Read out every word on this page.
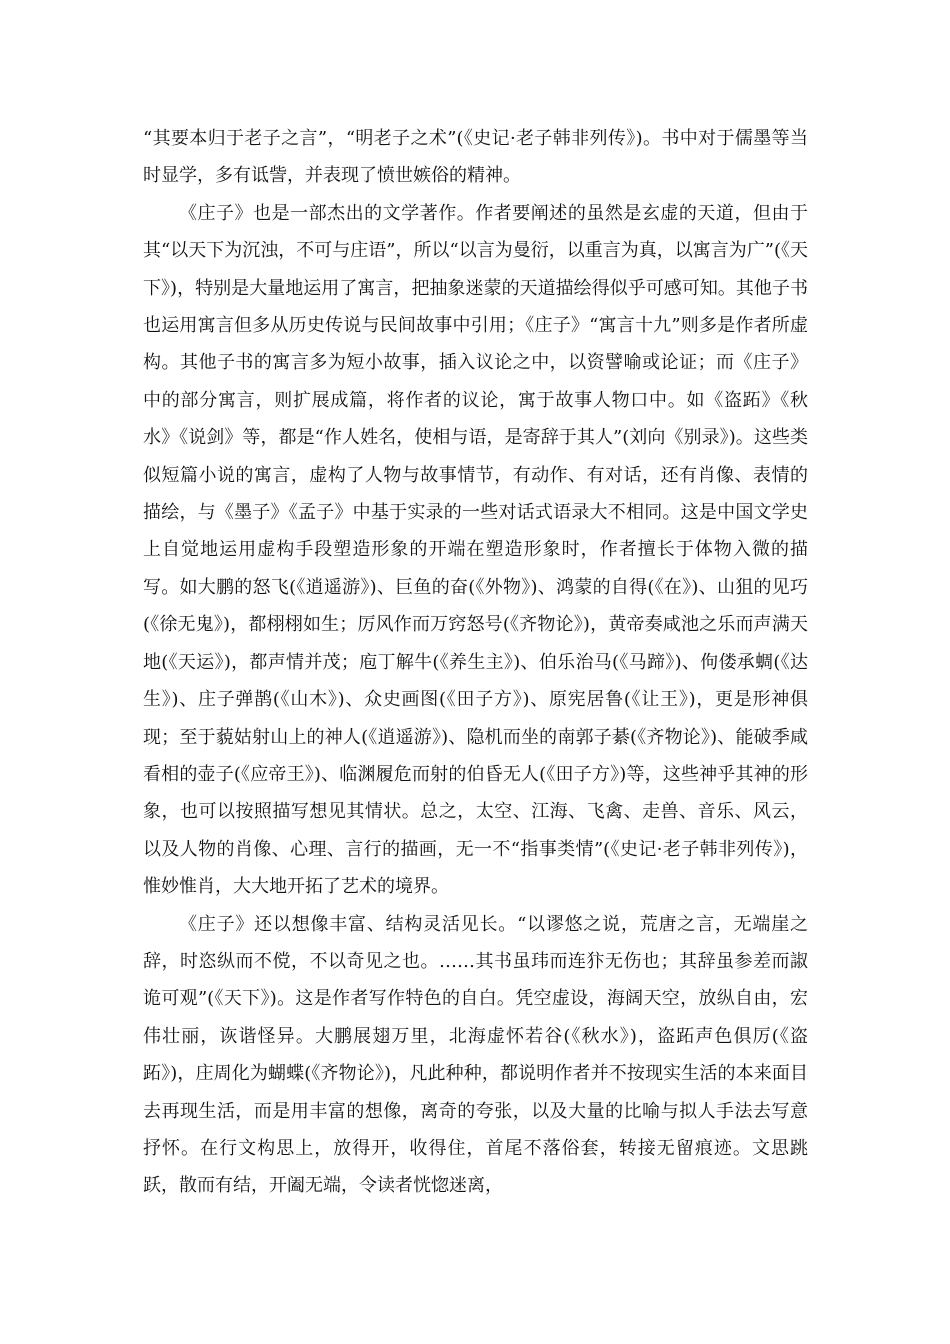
“其要本归于老子之言”，“明老子之术”(《史记·老子韩非列传》)。书中对于儒墨等当时显学，多有诋訾，并表现了愤世嫉俗的精神。

《庄子》也是一部杰出的文学著作。作者要阐述的虽然是玄虚的天道，但由于其“以天下为沉浊，不可与庄语”，所以“以言为曼衍，以重言为真，以寓言为广”(《天下》)，特别是大量地运用了寓言，把抽象迷蒙的天道描绘得似乎可感可知。其他子书也运用寓言但多从历史传说与民间故事中引用；《庄子》“寓言十九”则多是作者所虚构。其他子书的寓言多为短小故事，插入议论之中，以资譬喻或论证；而《庄子》中的部分寓言，则扩展成篇，将作者的议论，寓于故事人物口中。如《盗跖》《秋水》《说剑》等，都是“作人姓名，使相与语，是寄辞于其人”(刘向《别录》)。这些类似短篇小说的寓言，虚构了人物与故事情节，有动作、有对话，还有肖像、表情的描绘，与《墨子》《孟子》中基于实录的一些对话式语录大不相同。这是中国文学史上自觉地运用虚构手段塑造形象的开端在塑造形象时，作者擅长于体物入微的描写。如大鹏的怒飞(《逍遥游》)、巨鱼的奋(《外物》)、鸿蒙的自得(《在》)、山狙的见巧(《徐无鬼》)，都栩栩如生；厉风作而万窍怒号(《齐物论》)，黄帝奏咸池之乐而声满天地(《天运》)，都声情并茂；庖丁解牛(《养生主》)、伯乐治马(《马蹄》)、佝偻承蜩(《达生》)、庄子弹鹊(《山木》)、众史画图(《田子方》)、原宪居鲁(《让王》)，更是形神俱现；至于藐姑射山上的神人(《逍遥游》)、隐机而坐的南郭子綦(《齐物论》)、能破季咸看相的壶子(《应帝王》)、临渊履危而射的伯昏无人(《田子方》)等，这些神乎其神的形象，也可以按照描写想见其情状。总之，太空、江海、飞禽、走兽、音乐、风云，以及人物的肖像、心理、言行的描画，无一不“指事类情”(《史记·老子韩非列传》)，惟妙惟肖，大大地开拓了艺术的境界。

《庄子》还以想像丰富、结构灵活见长。“以谬悠之说，荒唐之言，无端崖之辞，时恣纵而不傥，不以奇见之也。……其书虽玮而连犿无伤也；其辞虽参差而諔诡可观”(《天下》)。这是作者写作特色的自白。凭空虚设，海阔天空，放纵自由，宏伟壮丽，诙谐怪异。大鹏展翅万里，北海虚怀若谷(《秋水》)，盗跖声色俱厉(《盗跖》)，庄周化为蝴蝶(《齐物论》)，凡此种种，都说明作者并不按现实生活的本来面目去再现生活，而是用丰富的想像，离奇的夸张，以及大量的比喻与拟人手法去写意抒怀。在行文构思上，放得开，收得住，首尾不落俗套，转接无留痕迹。文思跳跃，散而有结，开阖无端，令读者恍惚迷离，
